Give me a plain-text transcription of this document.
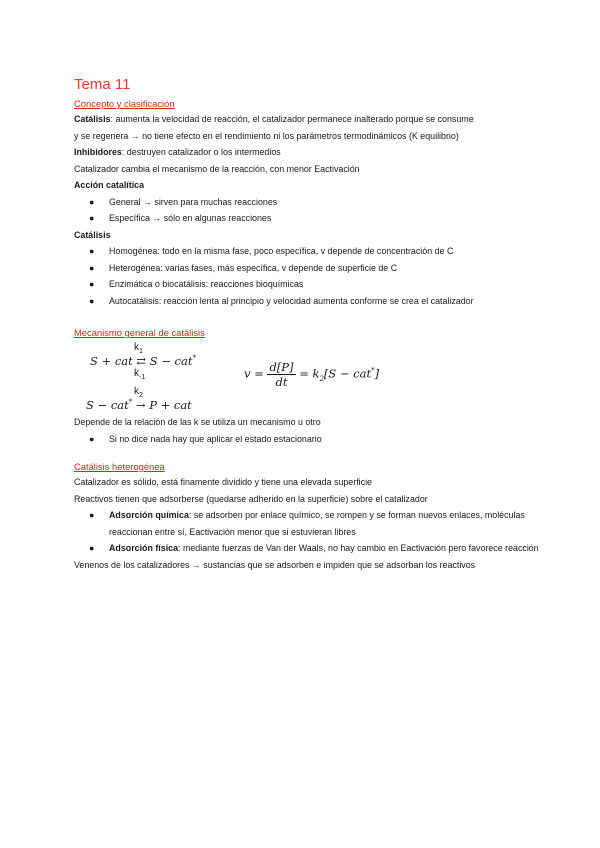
Tema 11
Concepto y clasificación
Catálisis: aumenta la velocidad de reacción, el catalizador permanece inalterado porque se consume
y se regenera → no tiene efecto en el rendimiento ni los parámetros termodinámicos (K equilibrio)
Inhibidores: destruyen catalizador o los intermedios
Catalizador cambia el mecanismo de la reacción, con menor Eactivación
Acción catalítica
● General → sirven para muchas reacciones
● Específica → sólo en algunas reacciones
Catálisis
● Homogénea: todo en la misma fase, poco específica, v depende de concentración de C
● Heterogénea: varias fases, más específica, v depende de superficie de C
● Enzimática o biocatálisis: reacciones bioquímicas
● Autocatálisis: reacción lenta al principio y velocidad aumenta conforme se crea el catalizador
Mecanismo general de catálisis
$k_1$
S + cat ⇄ S − cat*
$k_{-1}$
$k_2$
S − cat* → P + cat
$v = \frac{d[P]}{dt} = k_2[S - cat^*]$
Depende de la relación de las k se utiliza un mecanismo u otro
● Si no dice nada hay que aplicar el estado estacionario
Catálisis heterogénea
Catalizador es sólido, está finamente dividido y tiene una elevada superficie
Reactivos tienen que adsorberse (quedarse adherido en la superficie) sobre el catalizador
● Adsorción química: se adsorben por enlace químico, se rompen y se forman nuevos enlaces, moléculas reaccionan entre sí, Eactivación menor que si estuvieran libres
● Adsorción física: mediante fuerzas de Van der Waals, no hay cambio en Eactivación pero favorece reacción
Venenos de los catalizadores → sustancias que se adsorben e impiden que se adsorban los reactivos
